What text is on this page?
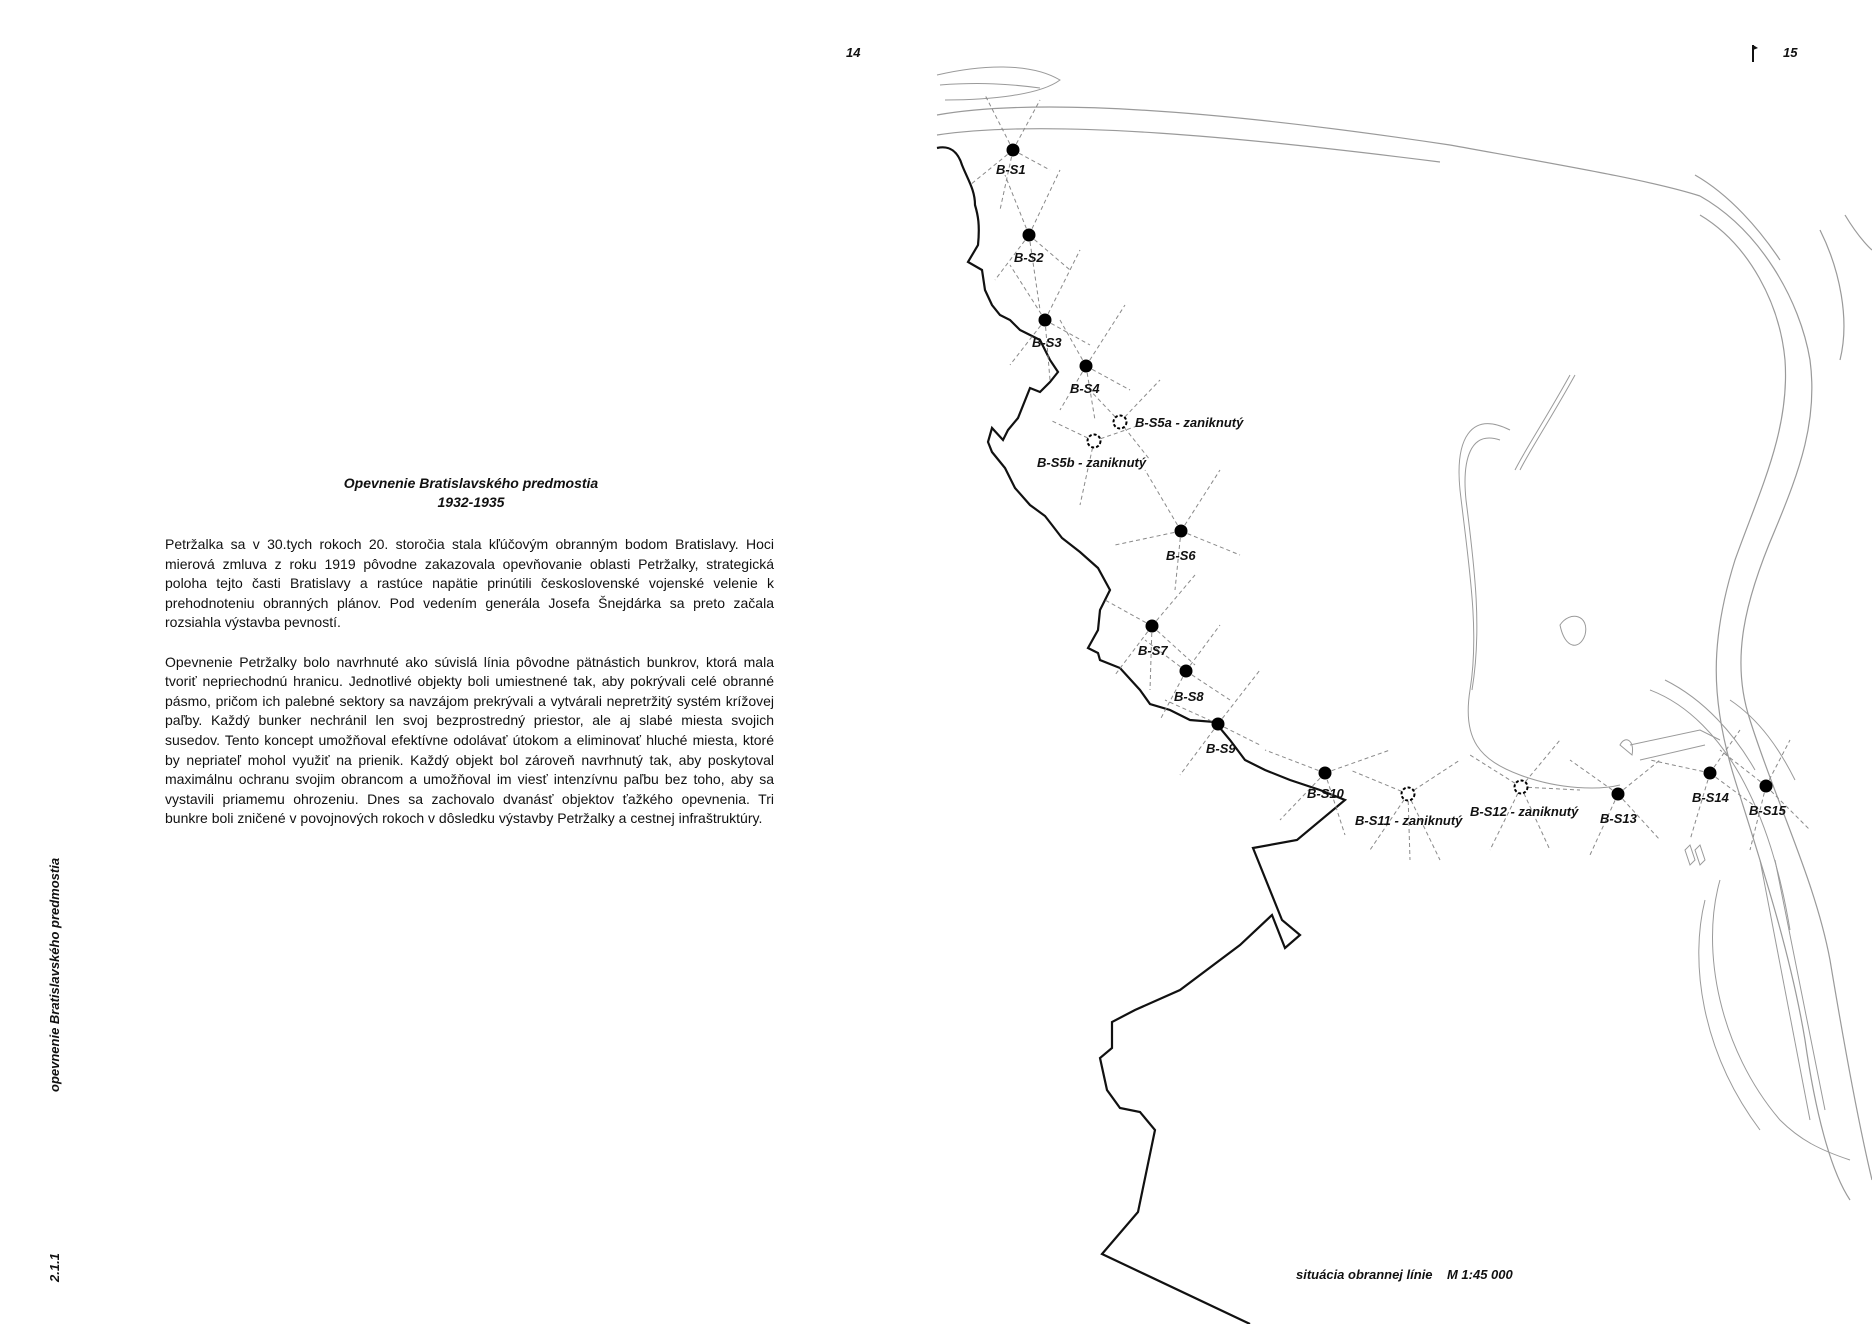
14	15
opevnenie Bratislavského predmostia
2.1.1
Opevnenie Bratislavského predmostia
1932-1935

Petržalka sa v 30.tych rokoch 20. storočia stala kľúčovým obranným bodom Bratislavy. Hoci mierová zmluva z roku 1919 pôvodne zakazovala opevňovanie oblasti Petržalky, strategická poloha tejto časti Bratislavy a rastúce napätie prinútili československé vojenské velenie k prehodnoteniu obranných plánov. Pod vedením generála Josefa Šnejdárka sa preto začala rozsiahla výstavba pevností.

Opevnenie Petržalky bolo navrhnuté ako súvislá línia pôvodne pätnástich bunkrov, ktorá mala tvoriť nepriechodnú hranicu. Jednotlivé objekty boli umiestnené tak, aby pokrývali celé obranné pásmo, pričom ich palebné sektory sa navzájom prekrývali a vytvárali nepretržitý systém krížovej paľby. Každý bunker nechránil len svoj bezprostredný priestor, ale aj slabé miesta svojich susedov. Tento koncept umožňoval efektívne odolávať útokom a eliminovať hluché miesta, ktoré by nepriateľ mohol využiť na prienik. Každý objekt bol zároveň navrhnutý tak, aby poskytoval maximálnu ochranu svojim obrancom a umožňoval im viesť intenzívnu paľbu bez toho, aby sa vystavili priamemu ohrozeniu. Dnes sa zachovalo dvanásť objektov ťažkého opevnenia. Tri bunkre boli zničené v povojnových rokoch v dôsledku výstavby Petržalky a cestnej infraštruktúry.

B-S1
B-S2
B-S3
B-S4
B-S5a - zaniknutý
B-S5b - zaniknutý
B-S6
B-S7
B-S8
B-S9
B-S10
B-S11 - zaniknutý
B-S12 - zaniknutý B-S13
B-S14
B-S15
situácia obrannej línie    M 1:45 000
